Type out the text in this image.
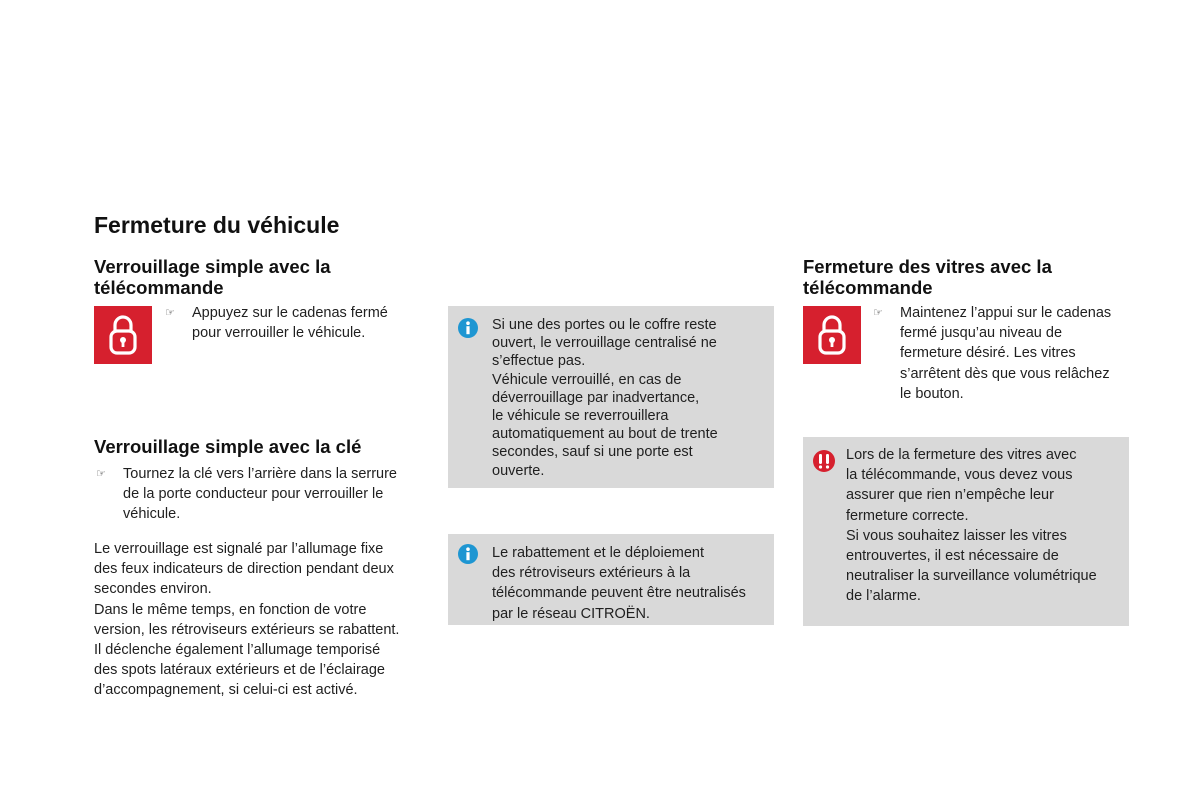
Fermeture du véhicule
Verrouillage simple avec la
télécommande
☞ Appuyez sur le cadenas fermé
pour verrouiller le véhicule.
Verrouillage simple avec la clé
☞ Tournez la clé vers l’arrière dans la serrure
de la porte conducteur pour verrouiller le
véhicule.
Le verrouillage est signalé par l’allumage fixe
des feux indicateurs de direction pendant deux
secondes environ.
Dans le même temps, en fonction de votre
version, les rétroviseurs extérieurs se rabattent.
Il déclenche également l’allumage temporisé
des spots latéraux extérieurs et de l’éclairage
d’accompagnement, si celui-ci est activé.
Si une des portes ou le coffre reste
ouvert, le verrouillage centralisé ne
s’effectue pas.
Véhicule verrouillé, en cas de
déverrouillage par inadvertance,
le véhicule se reverrouillera
automatiquement au bout de trente
secondes, sauf si une porte est
ouverte.
Le rabattement et le déploiement
des rétroviseurs extérieurs à la
télécommande peuvent être neutralisés
par le réseau CITROËN.
Fermeture des vitres avec la
télécommande
☞ Maintenez l’appui sur le cadenas
fermé jusqu’au niveau de
fermeture désiré. Les vitres
s’arrêtent dès que vous relâchez
le bouton.
Lors de la fermeture des vitres avec
la télécommande, vous devez vous
assurer que rien n’empêche leur
fermeture correcte.
Si vous souhaitez laisser les vitres
entrouvertes, il est nécessaire de
neutraliser la surveillance volumétrique
de l’alarme.
